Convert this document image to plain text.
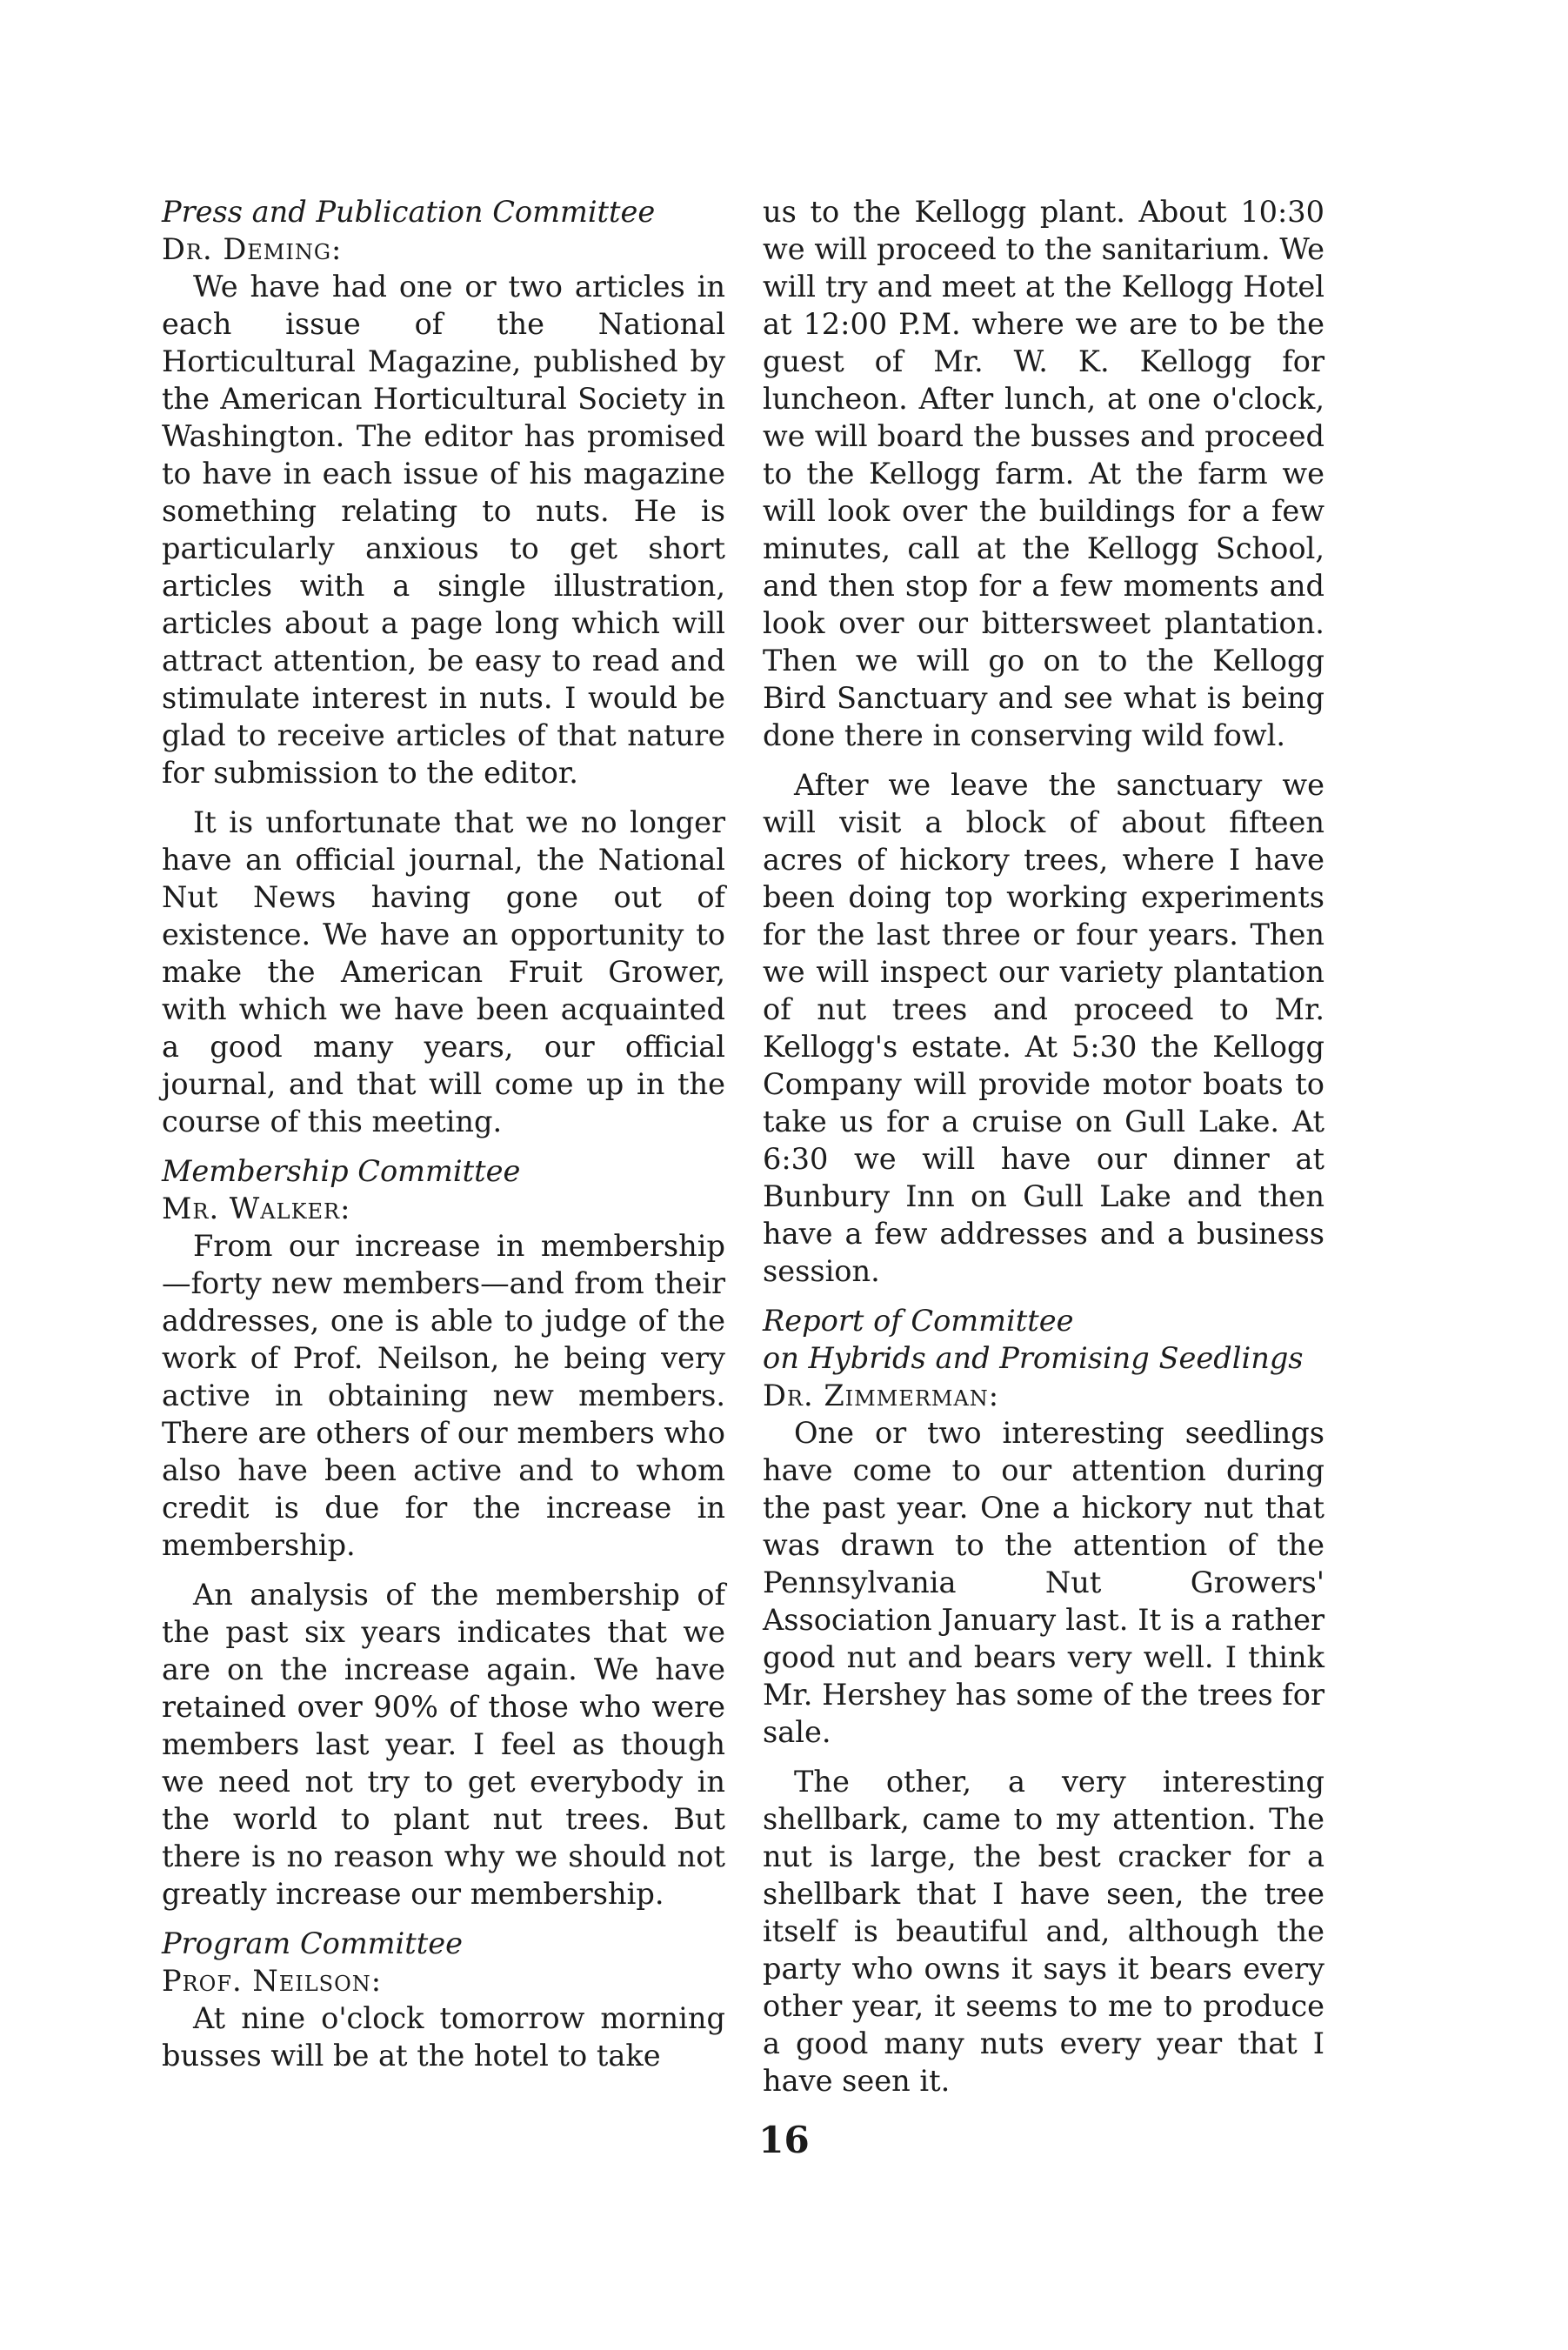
Press and Publication Committee
Dr. Deming:

We have had one or two articles in each issue of the National Horticultural Magazine, published by the American Horticultural Society in Washington. The editor has promised to have in each issue of his magazine something relating to nuts. He is particularly anxious to get short articles with a single illustration, articles about a page long which will attract attention, be easy to read and stimulate interest in nuts. I would be glad to receive articles of that nature for submission to the editor.

It is unfortunate that we no longer have an official journal, the National Nut News having gone out of existence. We have an opportunity to make the American Fruit Grower, with which we have been acquainted a good many years, our official journal, and that will come up in the course of this meeting.

Membership Committee
Mr. Walker:

From our increase in membership—forty new members—and from their addresses, one is able to judge of the work of Prof. Neilson, he being very active in obtaining new members. There are others of our members who also have been active and to whom credit is due for the increase in membership.

An analysis of the membership of the past six years indicates that we are on the increase again. We have retained over 90% of those who were members last year. I feel as though we need not try to get everybody in the world to plant nut trees. But there is no reason why we should not greatly increase our membership.

Program Committee
Prof. Neilson:

At nine o'clock tomorrow morning busses will be at the hotel to take

us to the Kellogg plant. About 10:30 we will proceed to the sanitarium. We will try and meet at the Kellogg Hotel at 12:00 P.M. where we are to be the guest of Mr. W. K. Kellogg for luncheon. After lunch, at one o'clock, we will board the busses and proceed to the Kellogg farm. At the farm we will look over the buildings for a few minutes, call at the Kellogg School, and then stop for a few moments and look over our bittersweet plantation. Then we will go on to the Kellogg Bird Sanctuary and see what is being done there in conserving wild fowl.

After we leave the sanctuary we will visit a block of about fifteen acres of hickory trees, where I have been doing top working experiments for the last three or four years. Then we will inspect our variety plantation of nut trees and proceed to Mr. Kellogg's estate. At 5:30 the Kellogg Company will provide motor boats to take us for a cruise on Gull Lake. At 6:30 we will have our dinner at Bunbury Inn on Gull Lake and then have a few addresses and a business session.

Report of Committee
on Hybrids and Promising Seedlings
Dr. Zimmerman:

One or two interesting seedlings have come to our attention during the past year. One a hickory nut that was drawn to the attention of the Pennsylvania Nut Growers' Association January last. It is a rather good nut and bears very well. I think Mr. Hershey has some of the trees for sale.

The other, a very interesting shellbark, came to my attention. The nut is large, the best cracker for a shellbark that I have seen, the tree itself is beautiful and, although the party who owns it says it bears every other year, it seems to me to produce a good many nuts every year that I have seen it.

16
